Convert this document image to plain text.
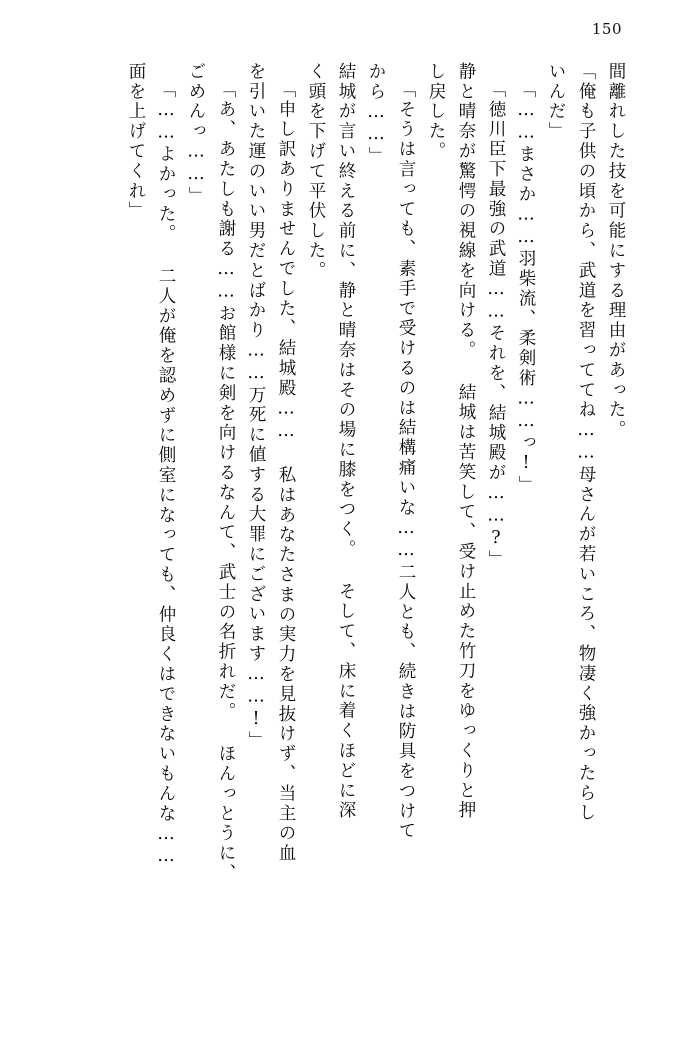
150
間離れした技を可能にする理由があった。
「俺も子供の頃から、武道を習っててね……母さんが若いころ、物凄く強かったらし
いんだ」
「……まさか……羽柴流、柔剣術……っ!」
「徳川臣下最強の武道……それを、結城殿が……?」
静と晴奈が驚愕の視線を向ける。 結城は苦笑して、受け止めた竹刀をゆっくりと押
し戻した。
「そうは言っても、素手で受けるのは結構痛いな……二人とも、続きは防具をつけて
から……」
結城が言い終える前に、静と晴奈はその場に膝をつく。 そして、床に着くほどに深
く頭を下げて平伏した。
「申し訳ありませんでした、結城殿…… 私はあなたさまの実力を見抜けず、当主の血
を引いた運のいい男だとばかり……万死に値する大罪にございます……!」
「あ、あたしも謝る……お館様に剣を向けるなんて、武士の名折れだ。 ほんっとうに、
ごめんっ……」
「……よかった。 二人が俺を認めずに側室になっても、仲良くはできないもんな……
面を上げてくれ」
